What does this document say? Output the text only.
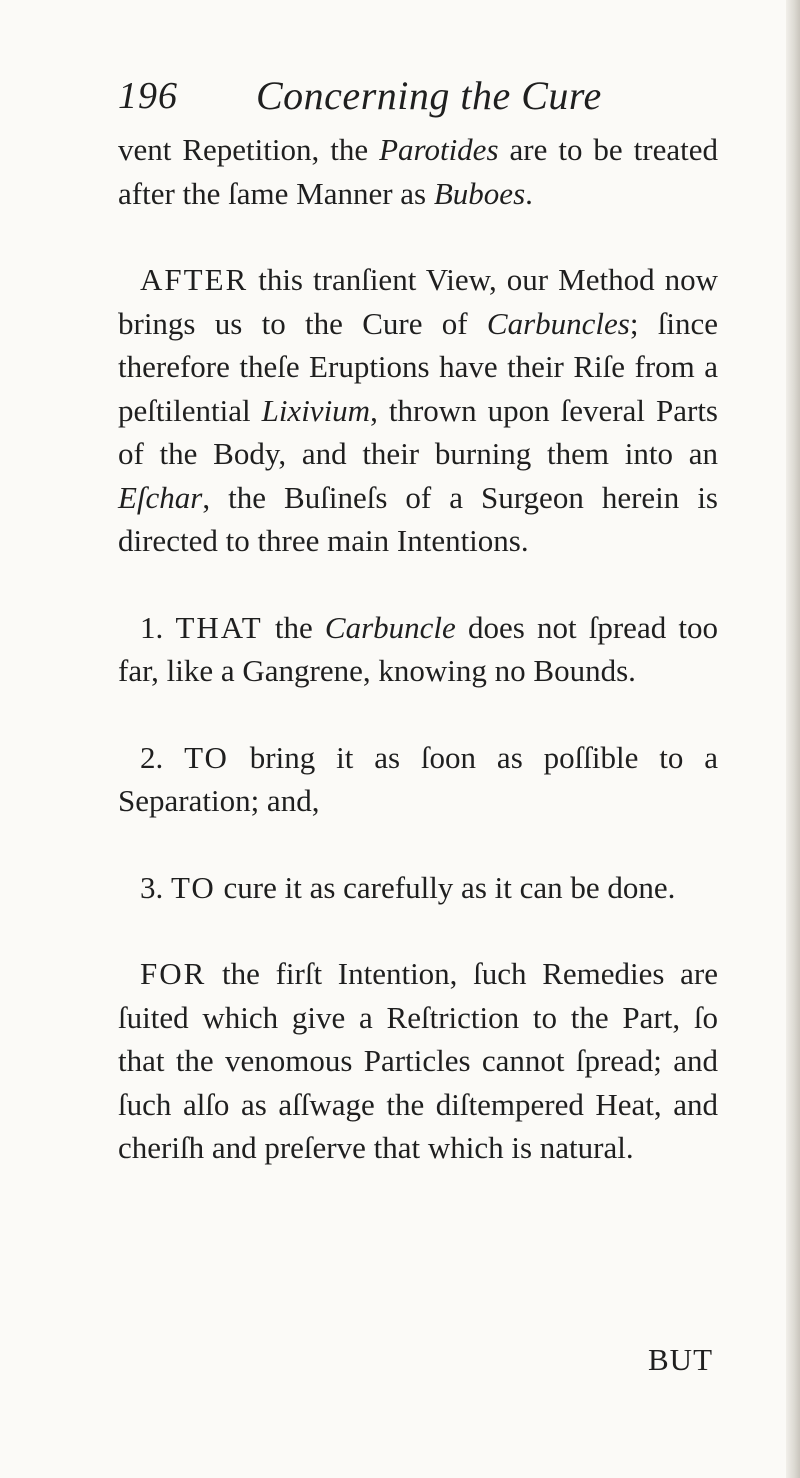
196 Concerning the Cure

vent Repetition, the Parotides are to be treated after the ſame Manner as Buboes.

AFTER this tranſient View, our Method now brings us to the Cure of Carbuncles; ſince therefore theſe Eruptions have their Riſe from a peſtilential Lixivium, thrown upon ſeveral Parts of the Body, and their burning them into an Eſchar, the Buſineſs of a Surgeon herein is directed to three main Intentions.

1. THAT the Carbuncle does not ſpread too far, like a Gangrene, knowing no Bounds.

2. TO bring it as ſoon as poſſible to a Separation; and,

3. TO cure it as carefully as it can be done.

FOR the firſt Intention, ſuch Remedies are ſuited which give a Reſtriction to the Part, ſo that the venomous Particles cannot ſpread; and ſuch alſo as aſſwage the diſtempered Heat, and cheriſh and preſerve that which is natural.

BUT
